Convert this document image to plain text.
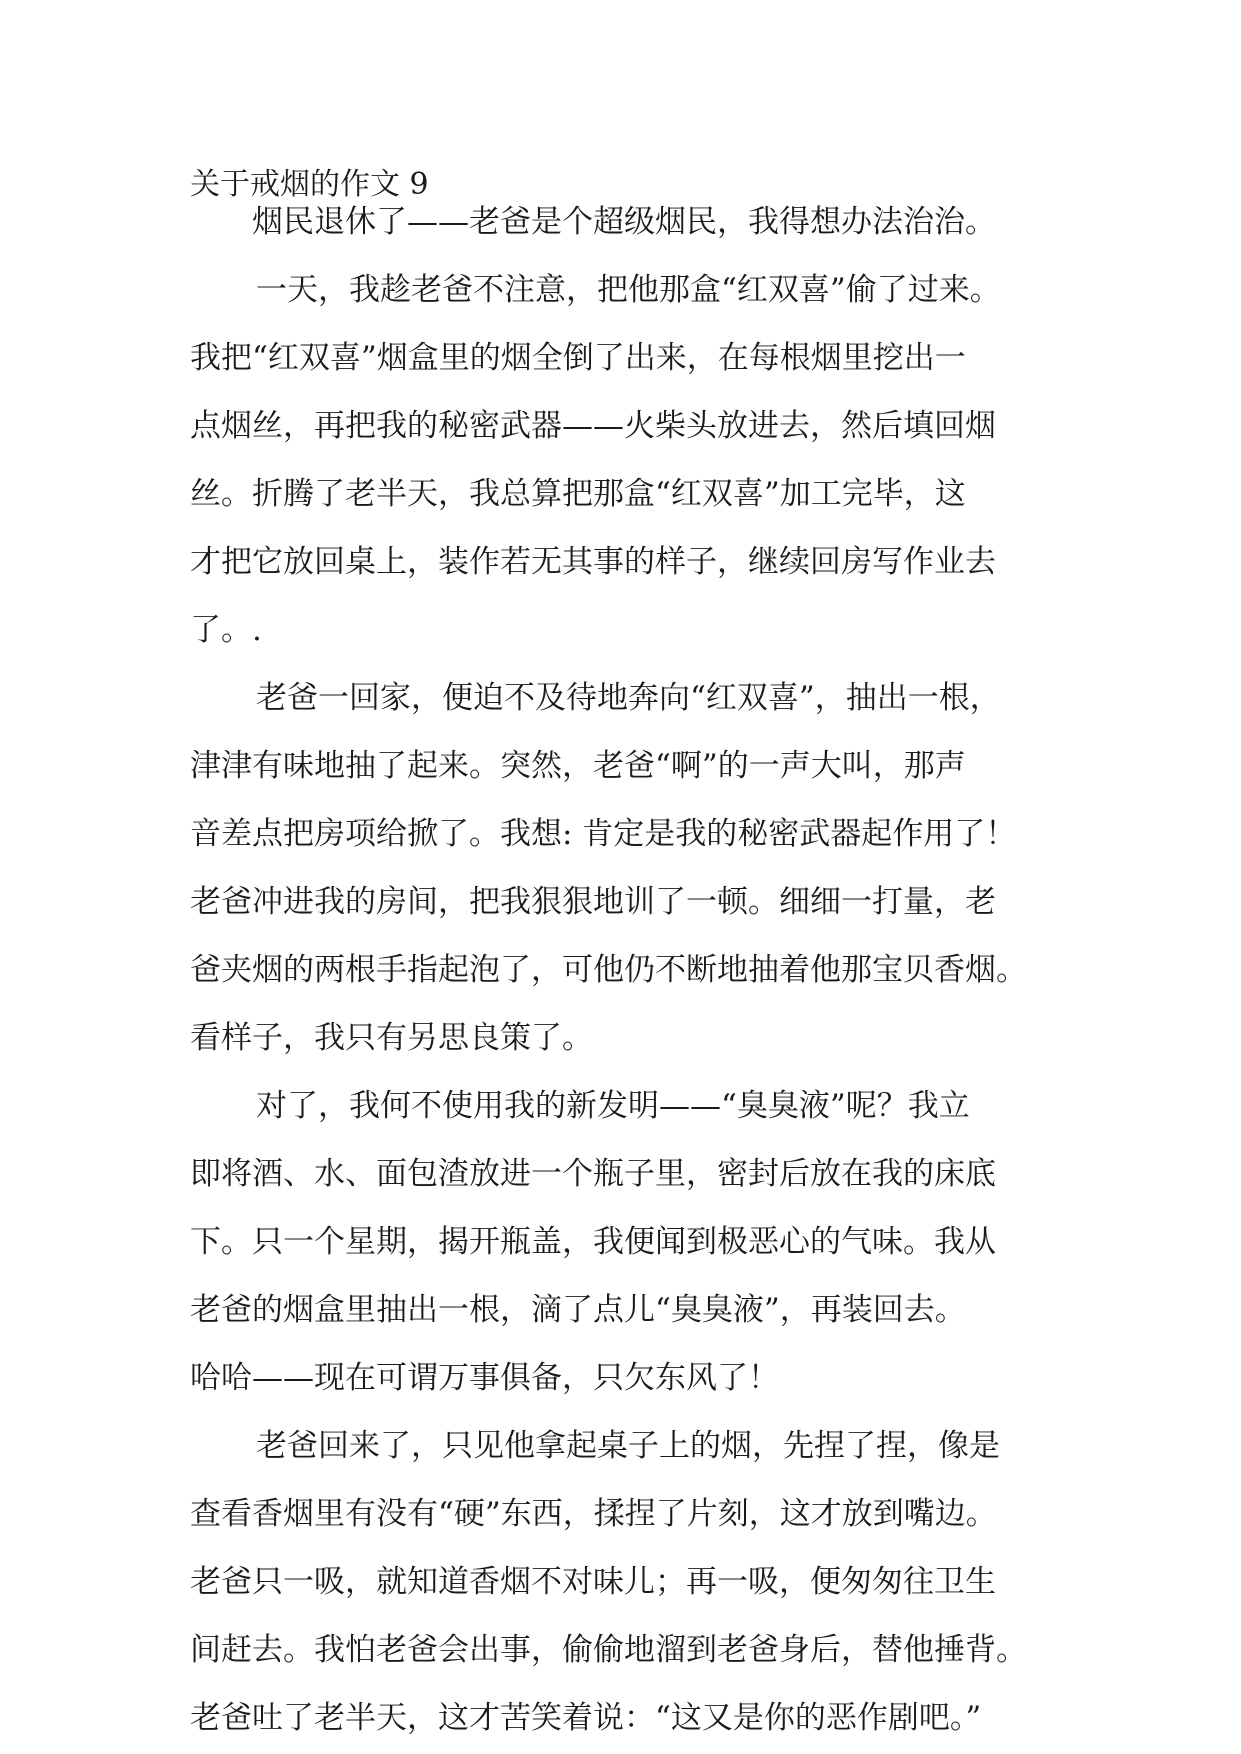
关于戒烟的作文 9

烟民退休了——老爸是个超级烟民，我得想办法治治。

一天，我趁老爸不注意，把他那盒“红双喜”偷了过来。
我把“红双喜”烟盒里的烟全倒了出来，在每根烟里挖出一
点烟丝，再把我的秘密武器——火柴头放进去，然后填回烟
丝。折腾了老半天，我总算把那盒“红双喜”加工完毕，这
才把它放回桌上，装作若无其事的样子，继续回房写作业去
了。.

老爸一回家，便迫不及待地奔向“红双喜”，抽出一根，
津津有味地抽了起来。突然，老爸“啊”的一声大叫，那声
音差点把房项给掀了。我想: 肯定是我的秘密武器起作用了！
老爸冲进我的房间，把我狠狠地训了一顿。细细一打量，老
爸夹烟的两根手指起泡了，可他仍不断地抽着他那宝贝香烟。
看样子，我只有另思良策了。

对了，我何不使用我的新发明——“臭臭液”呢？我立
即将酒、水、面包渣放进一个瓶子里，密封后放在我的床底
下。只一个星期，揭开瓶盖，我便闻到极恶心的气味。我从
老爸的烟盒里抽出一根，滴了点儿“臭臭液”，再装回去。
哈哈——现在可谓万事俱备，只欠东风了！

老爸回来了，只见他拿起桌子上的烟，先捏了捏，像是
查看香烟里有没有“硬”东西，揉捏了片刻，这才放到嘴边。
老爸只一吸，就知道香烟不对味儿；再一吸，便匆匆往卫生
间赶去。我怕老爸会出事，偷偷地溜到老爸身后，替他捶背。
老爸吐了老半天，这才苦笑着说：“这又是你的恶作剧吧。”
